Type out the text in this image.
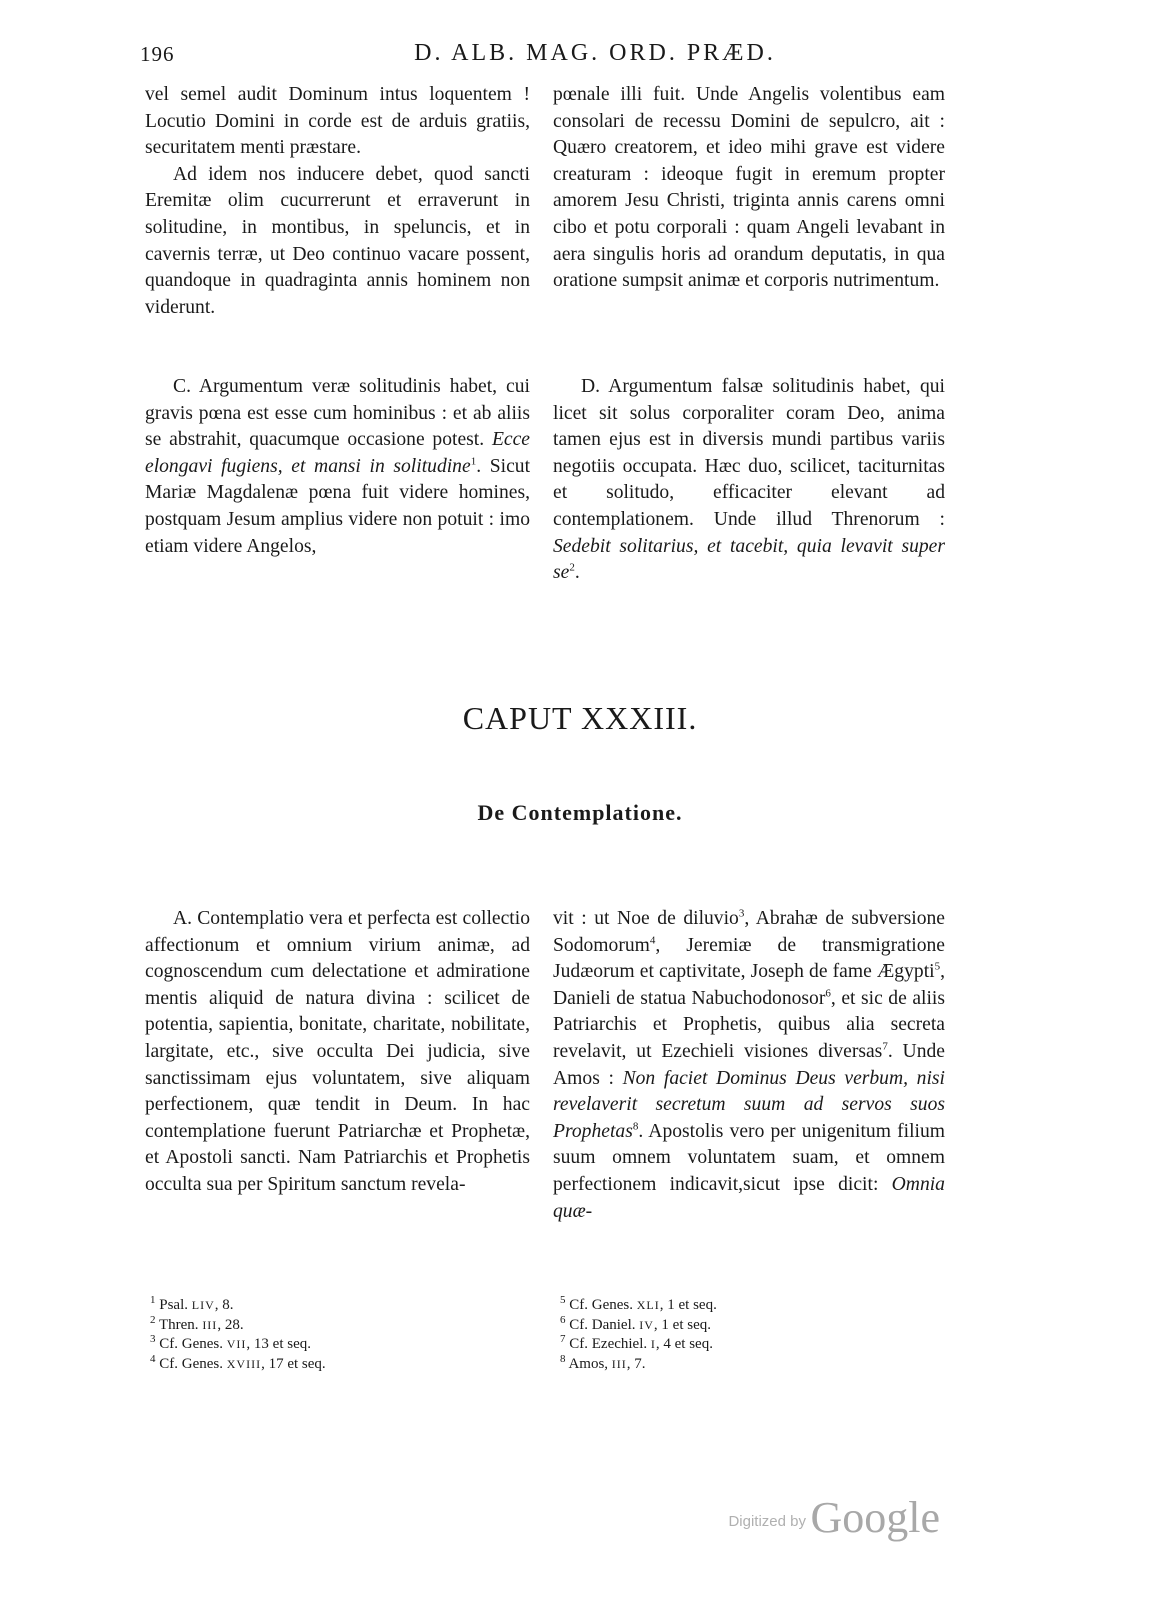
196	D. ALB. MAG. ORD. PRÆD.

vel semel audit Dominum intus loquentem ! Locutio Domini in corde est de arduis gratiis, securitatem menti præstare.

Ad idem nos inducere debet, quod sancti Eremitæ olim cucurrerunt et erraverunt in solitudine, in montibus, in speluncis, et in cavernis terræ, ut Deo continuo vacare possent, quandoque in quadraginta annis hominem non viderunt.

pœnale illi fuit. Unde Angelis volentibus eam consolari de recessu Domini de sepulcro, ait : Quæro creatorem, et ideo mihi grave est videre creaturam : ideoque fugit in eremum propter amorem Jesu Christi, triginta annis carens omni cibo et potu corporali : quam Angeli levabant in aera singulis horis ad orandum deputatis, in qua oratione sumpsit animæ et corporis nutrimentum.

C. Argumentum veræ solitudinis habet, cui gravis pœna est esse cum hominibus : et ab aliis se abstrahit, quacumque occasione potest. Ecce elongavi fugiens, et mansi in solitudine$^1$. Sicut Mariæ Magdalenæ pœna fuit videre homines, postquam Jesum amplius videre non potuit : imo etiam videre Angelos,

D. Argumentum falsæ solitudinis habet, qui licet sit solus corporaliter coram Deo, anima tamen ejus est in diversis mundi partibus variis negotiis occupata. Hæc duo, scilicet, taciturnitas et solitudo, efficaciter elevant ad contemplationem. Unde illud Threnorum : Sedebit solitarius, et tacebit, quia levavit super $se^2$.

CAPUT XXXIII.
De Contemplatione.

A. Contemplatio vera et perfecta est collectio affectionum et omnium virium animæ, ad cognoscendum cum delectatione et admiratione mentis aliquid de natura divina : scilicet de potentia, sapientia, bonitate, charitate, nobilitate, largitate, etc., sive occulta Dei judicia, sive sanctissimam ejus voluntatem, sive aliquam perfectionem, quæ tendit in Deum. In hac contemplatione fuerunt Patriarchæ et Prophetæ, et Apostoli sancti. Nam Patriarchis et Prophetis occulta sua per Spiritum sanctum revela-

vit : ut Noe de diluvio$^3$, Abrahæ de subversione Sodomorum$^4$, Jeremiæ de transmigratione Judæorum et captivitate, Joseph de fame Ægypti$^5$, Danieli de statua Nabuchodonosor$^6$, et sic de aliis Patriarchis et Prophetis, quibus alia secreta revelavit, ut Ezechieli visiones diversas$^7$. Unde Amos : Non faciet Dominus Deus verbum, nisi revelaverit secretum suum ad servos suos Prophetas$^8$. Apostolis vero per unigenitum filium suum omnem voluntatem suam, et omnem perfectionem indicavit,sicut ipse dicit: Omnia quæ-

$^1$ Psal. LIV, 8.
$^2$ Thren. III, 28.
$^3$ Cf. Genes. VII, 13 et seq.
$^4$ Cf. Genes. XVIII, 17 et seq.
$^5$ Cf. Genes. XLI, 1 et seq.
$^6$ Cf. Daniel. IV, 1 et seq.
$^7$ Cf. Ezechiel. I, 4 et seq.
$^8$ Amos, III, 7.
Digitized by Google
